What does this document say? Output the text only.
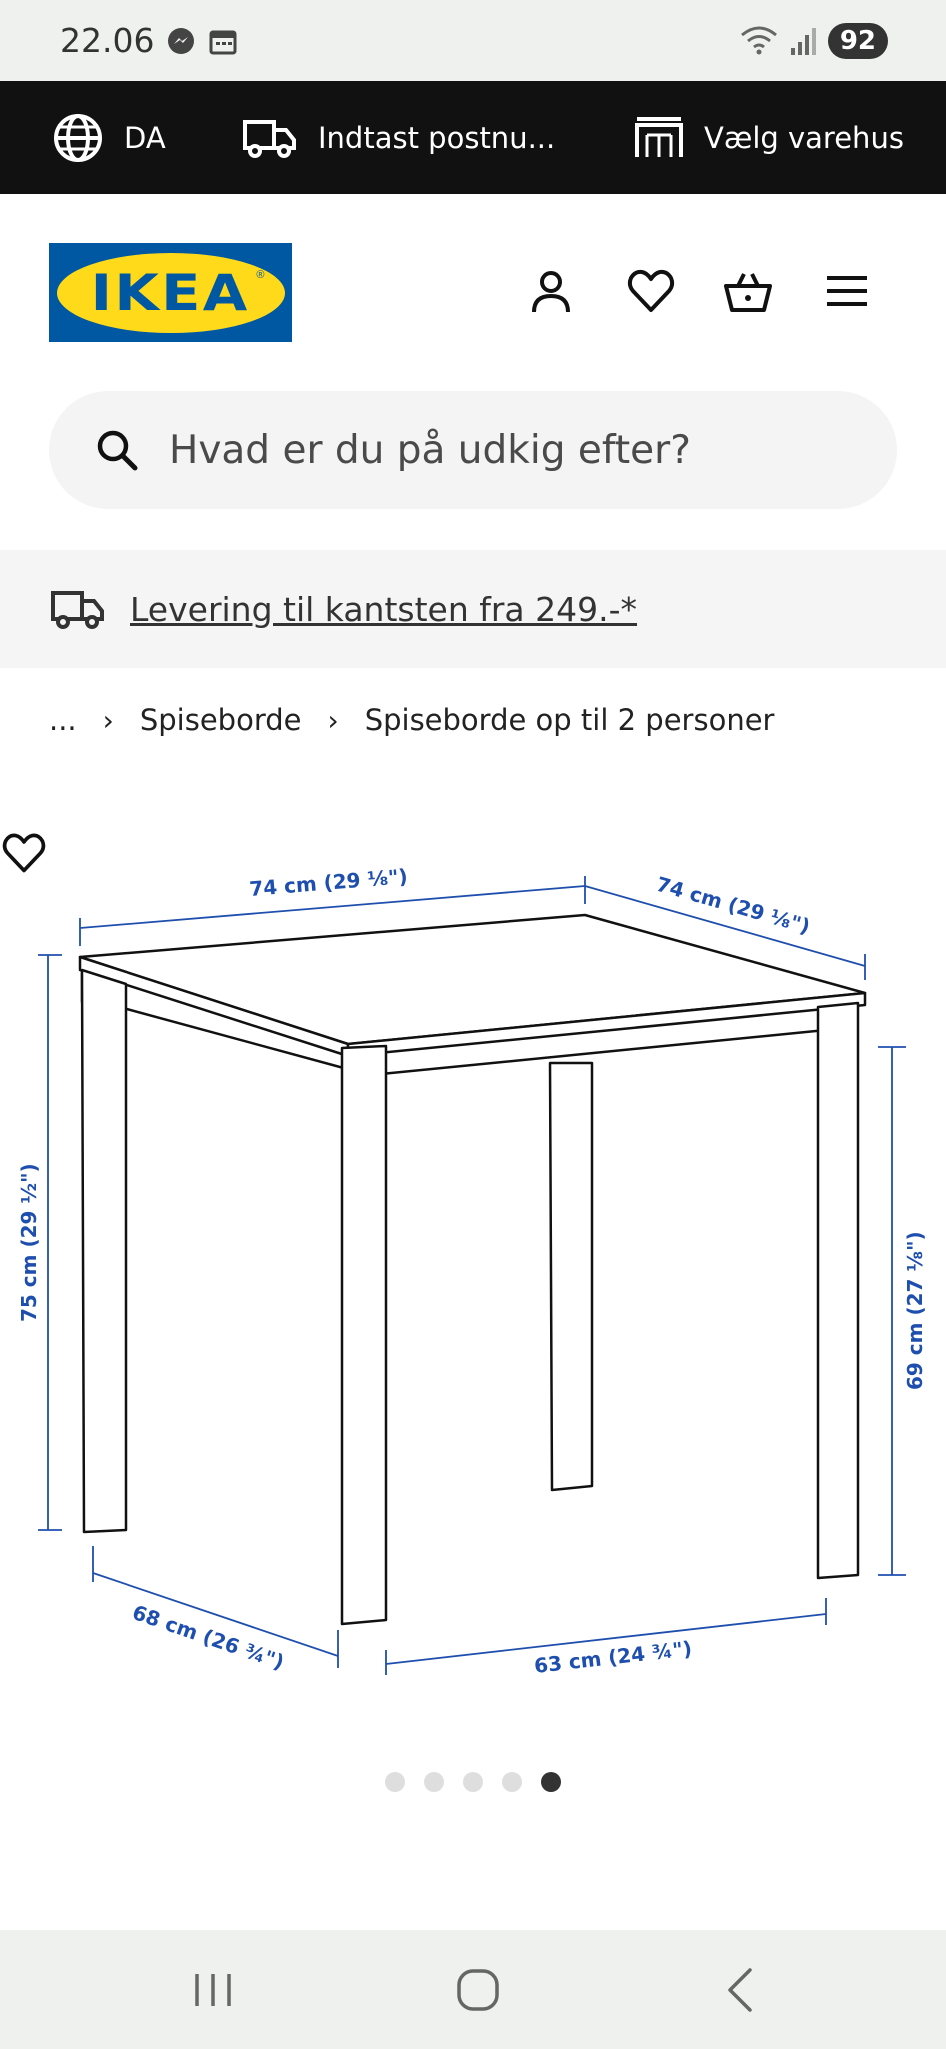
22.06	92
DA	Indtast postnu...	Vælg varehus
IKEA ®
Hvad er du på udkig efter?
Levering til kantsten fra 249.-*
... › Spiseborde › Spiseborde op til 2 personer
74 cm (29 ⅛")	74 cm (29 ⅛")
75 cm (29 ½")	69 cm (27 ⅛")
68 cm (26 ¾")	63 cm (24 ¾")
